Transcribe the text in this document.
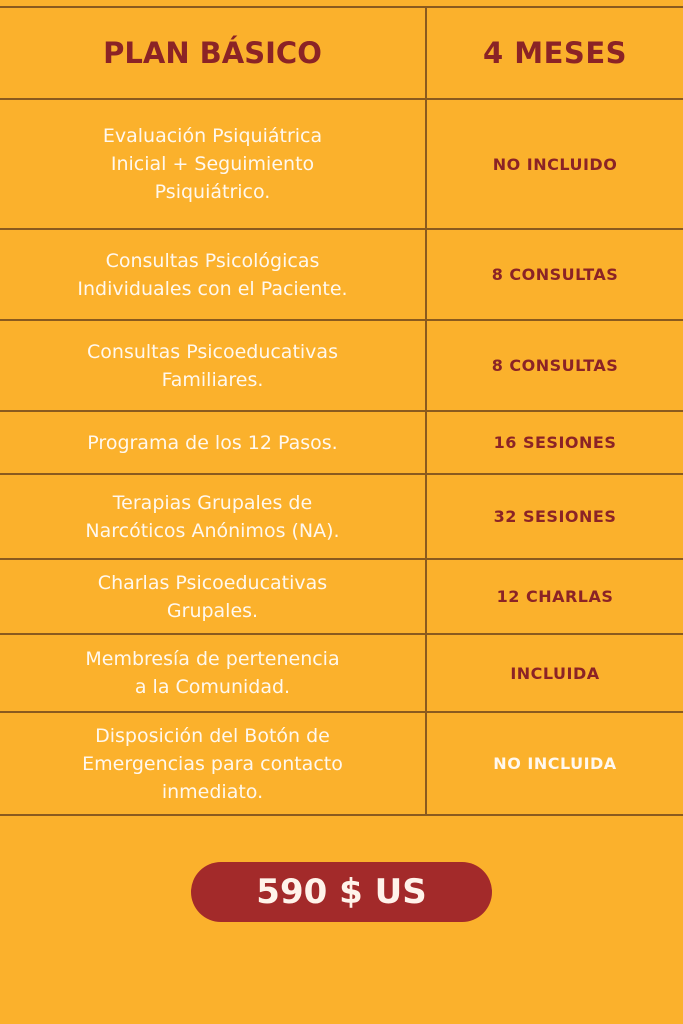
PLAN BÁSICO	4 MESES
Evaluación Psiquiátrica
Inicial + Seguimiento
Psiquiátrico.
NO INCLUIDO
Consultas Psicológicas
Individuales con el Paciente.
8 CONSULTAS
Consultas Psicoeducativas
Familiares.
8 CONSULTAS
Programa de los 12 Pasos.	16 SESIONES
Terapias Grupales de
Narcóticos Anónimos (NA).
32 SESIONES
Charlas Psicoeducativas
Grupales.
12 CHARLAS
Membresía de pertenencia
a la Comunidad.
INCLUIDA
Disposición del Botón de
Emergencias para contacto
inmediato.
NO INCLUIDA
590 $ US
